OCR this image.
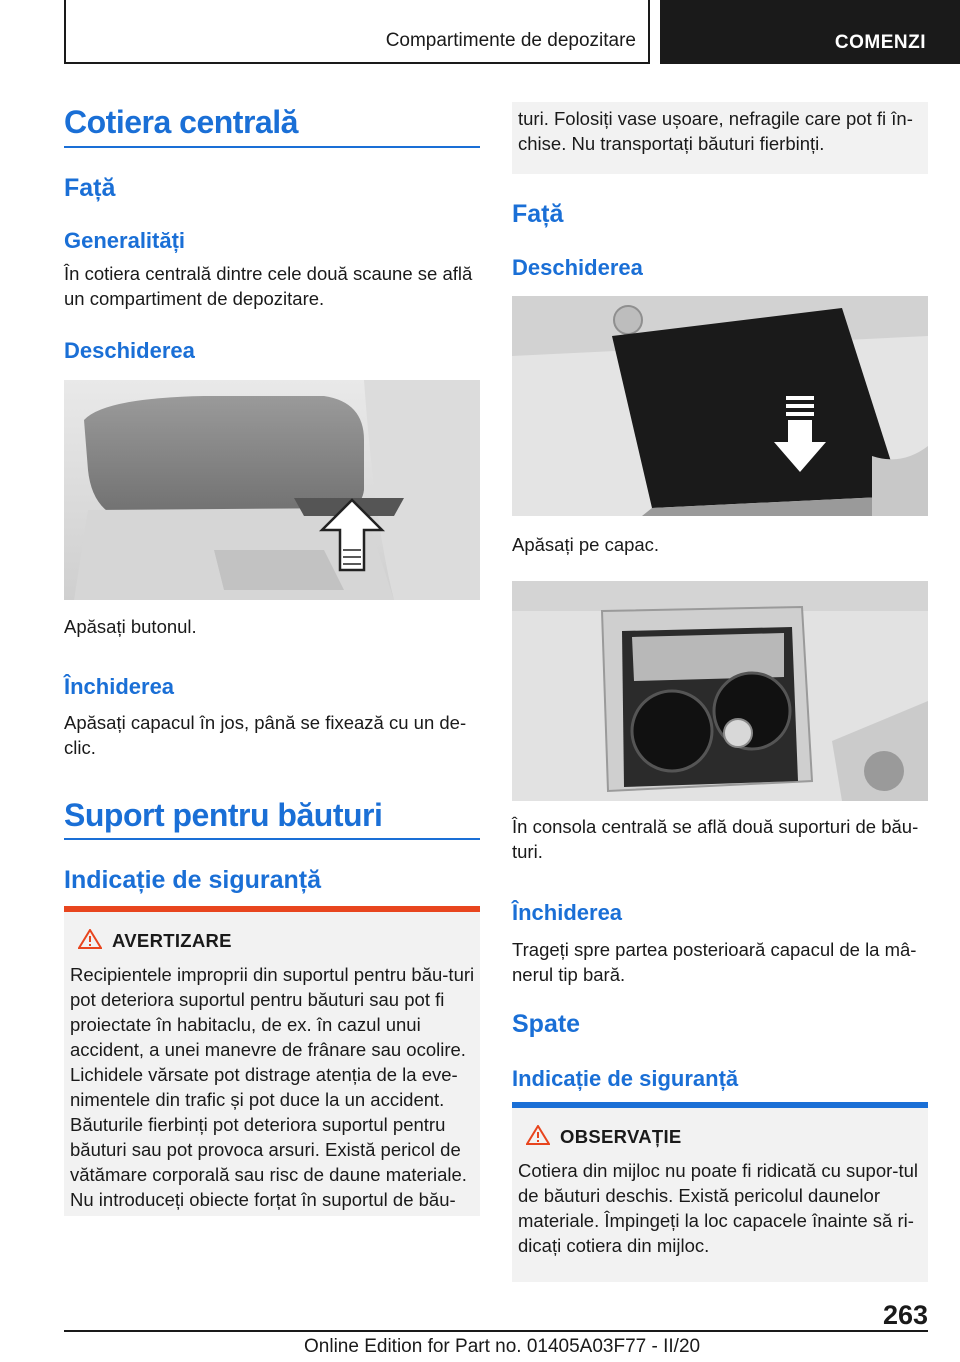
Compartimente de depozitare	COMENZI
Cotiera centrală
Față
Generalități
În cotiera centrală dintre cele două scaune se află un compartiment de depozitare.
Deschiderea
Apăsați butonul.
Închiderea
Apăsați capacul în jos, până se fixează cu un de-clic.
Suport pentru băuturi
Indicație de siguranță
AVERTIZARE
Recipientele improprii din suportul pentru bău-turi pot deteriora suportul pentru băuturi sau pot fi proiectate în habitaclu, de ex. în cazul unui accident, a unei manevre de frânare sau ocolire. Lichidele vărsate pot distrage atenția de la eve-nimentele din trafic și pot duce la un accident. Băuturile fierbinți pot deteriora suportul pentru băuturi sau pot provoca arsuri. Există pericol de vătămare corporală sau risc de daune materiale. Nu introduceți obiecte forțat în suportul de bău-
turi. Folosiți vase ușoare, nefragile care pot fi în-chise. Nu transportați băuturi fierbinți.
Față
Deschiderea
Apăsați pe capac.
În consola centrală se află două suporturi de bău-turi.
Închiderea
Trageți spre partea posterioară capacul de la mâ-nerul tip bară.
Spate
Indicație de siguranță
OBSERVAȚIE
Cotiera din mijloc nu poate fi ridicată cu supor-tul de băuturi deschis. Există pericolul daunelor materiale. Împingeți la loc capacele înainte să ri-dicați cotiera din mijloc.
263
Online Edition for Part no. 01405A03F77 - II/20
